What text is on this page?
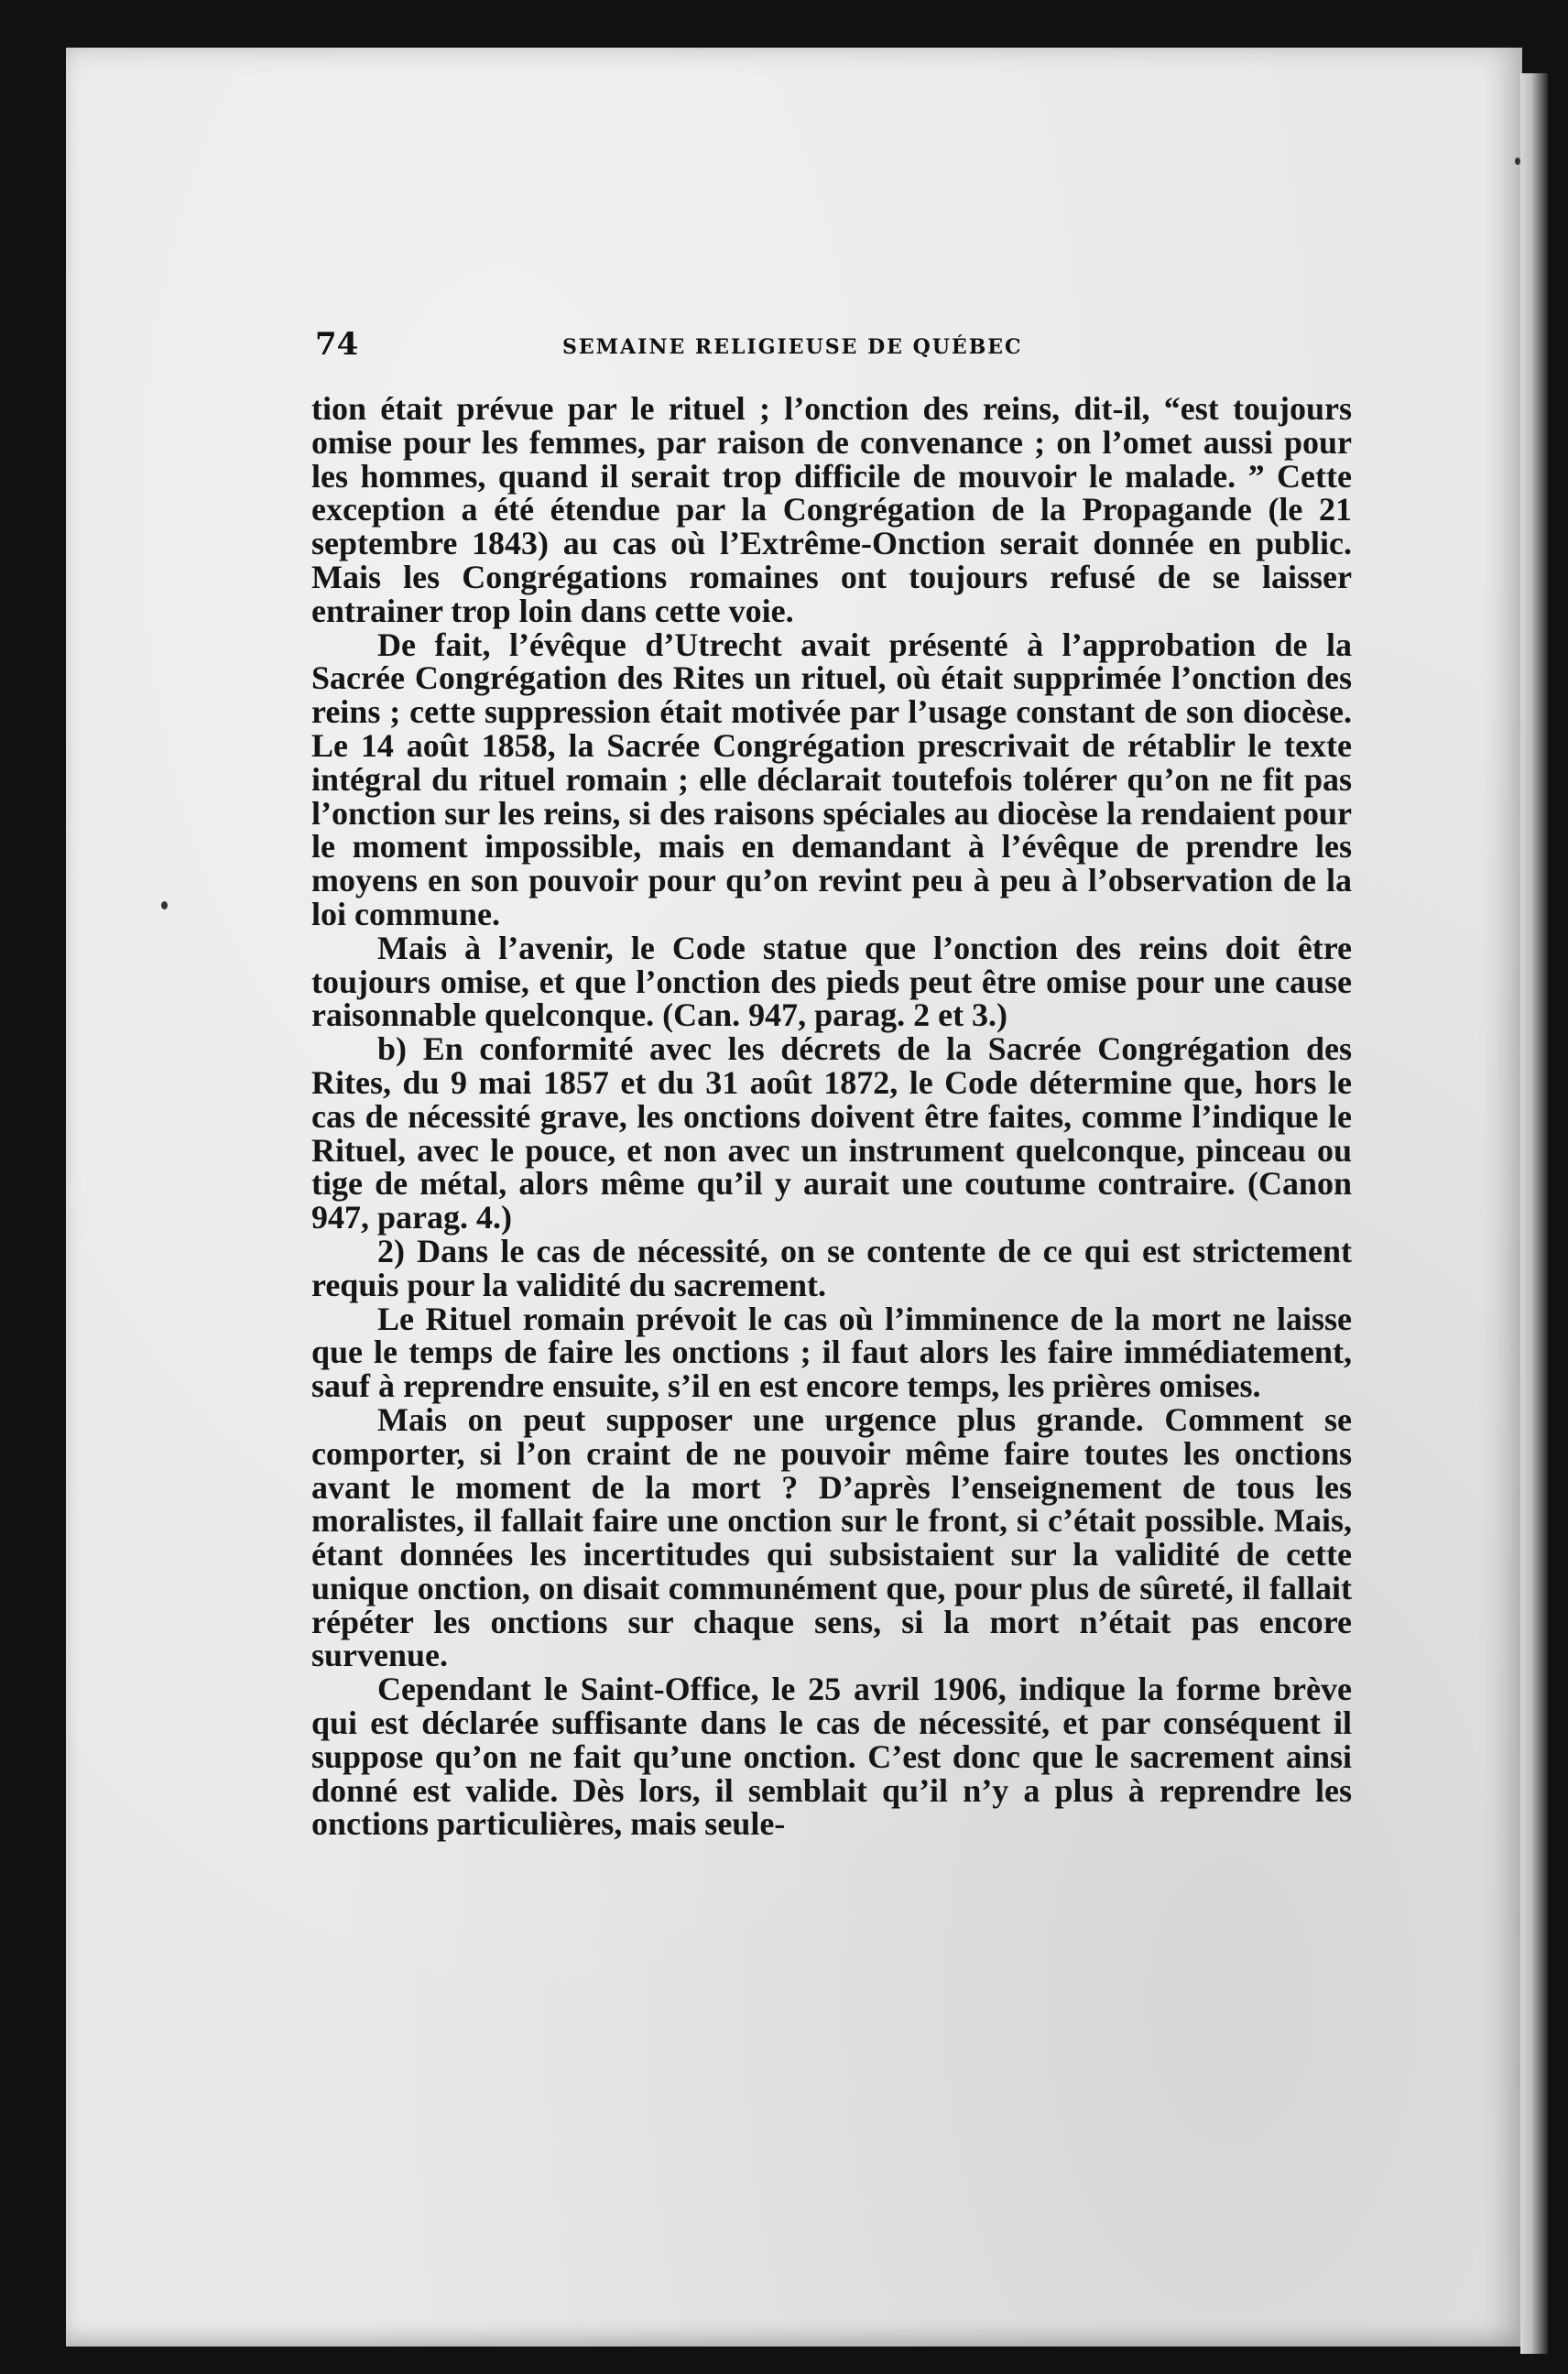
74	SEMAINE RELIGIEUSE DE QUÉBEC

tion était prévue par le rituel ; l’onction des reins, dit-il, “est toujours omise pour les femmes, par raison de convenance ; on l’omet aussi pour les hommes, quand il serait trop difficile de mouvoir le malade. ” Cette exception a été étendue par la Congrégation de la Propagande (le 21 septembre 1843) au cas où l’Extrême-Onction serait donnée en public. Mais les Congrégations romaines ont toujours refusé de se laisser entrainer trop loin dans cette voie.

De fait, l’évêque d’Utrecht avait présenté à l’approbation de la Sacrée Congrégation des Rites un rituel, où était supprimée l’onction des reins ; cette suppression était motivée par l’usage constant de son diocèse. Le 14 août 1858, la Sacrée Congrégation prescrivait de rétablir le texte intégral du rituel romain ; elle déclarait toutefois tolérer qu’on ne fit pas l’onction sur les reins, si des raisons spéciales au diocèse la rendaient pour le moment impossible, mais en demandant à l’évêque de prendre les moyens en son pouvoir pour qu’on revint peu à peu à l’observation de la loi commune.

Mais à l’avenir, le Code statue que l’onction des reins doit être toujours omise, et que l’onction des pieds peut être omise pour une cause raisonnable quelconque. (Can. 947, parag. 2 et 3.)

b) En conformité avec les décrets de la Sacrée Congrégation des Rites, du 9 mai 1857 et du 31 août 1872, le Code détermine que, hors le cas de nécessité grave, les onctions doivent être faites, comme l’indique le Rituel, avec le pouce, et non avec un instrument quelconque, pinceau ou tige de métal, alors même qu’il y aurait une coutume contraire. (Canon 947, parag. 4.)

2) Dans le cas de nécessité, on se contente de ce qui est strictement requis pour la validité du sacrement.

Le Rituel romain prévoit le cas où l’imminence de la mort ne laisse que le temps de faire les onctions ; il faut alors les faire immédiatement, sauf à reprendre ensuite, s’il en est encore temps, les prières omises.

Mais on peut supposer une urgence plus grande. Comment se comporter, si l’on craint de ne pouvoir même faire toutes les onctions avant le moment de la mort ? D’après l’enseignement de tous les moralistes, il fallait faire une onction sur le front, si c’était possible. Mais, étant données les incertitudes qui subsistaient sur la validité de cette unique onction, on disait communément que, pour plus de sûreté, il fallait répéter les onctions sur chaque sens, si la mort n’était pas encore survenue.

Cependant le Saint-Office, le 25 avril 1906, indique la forme brève qui est déclarée suffisante dans le cas de nécessité, et par conséquent il suppose qu’on ne fait qu’une onction. C’est donc que le sacrement ainsi donné est valide. Dès lors, il semblait qu’il n’y a plus à reprendre les onctions particulières, mais seule-
